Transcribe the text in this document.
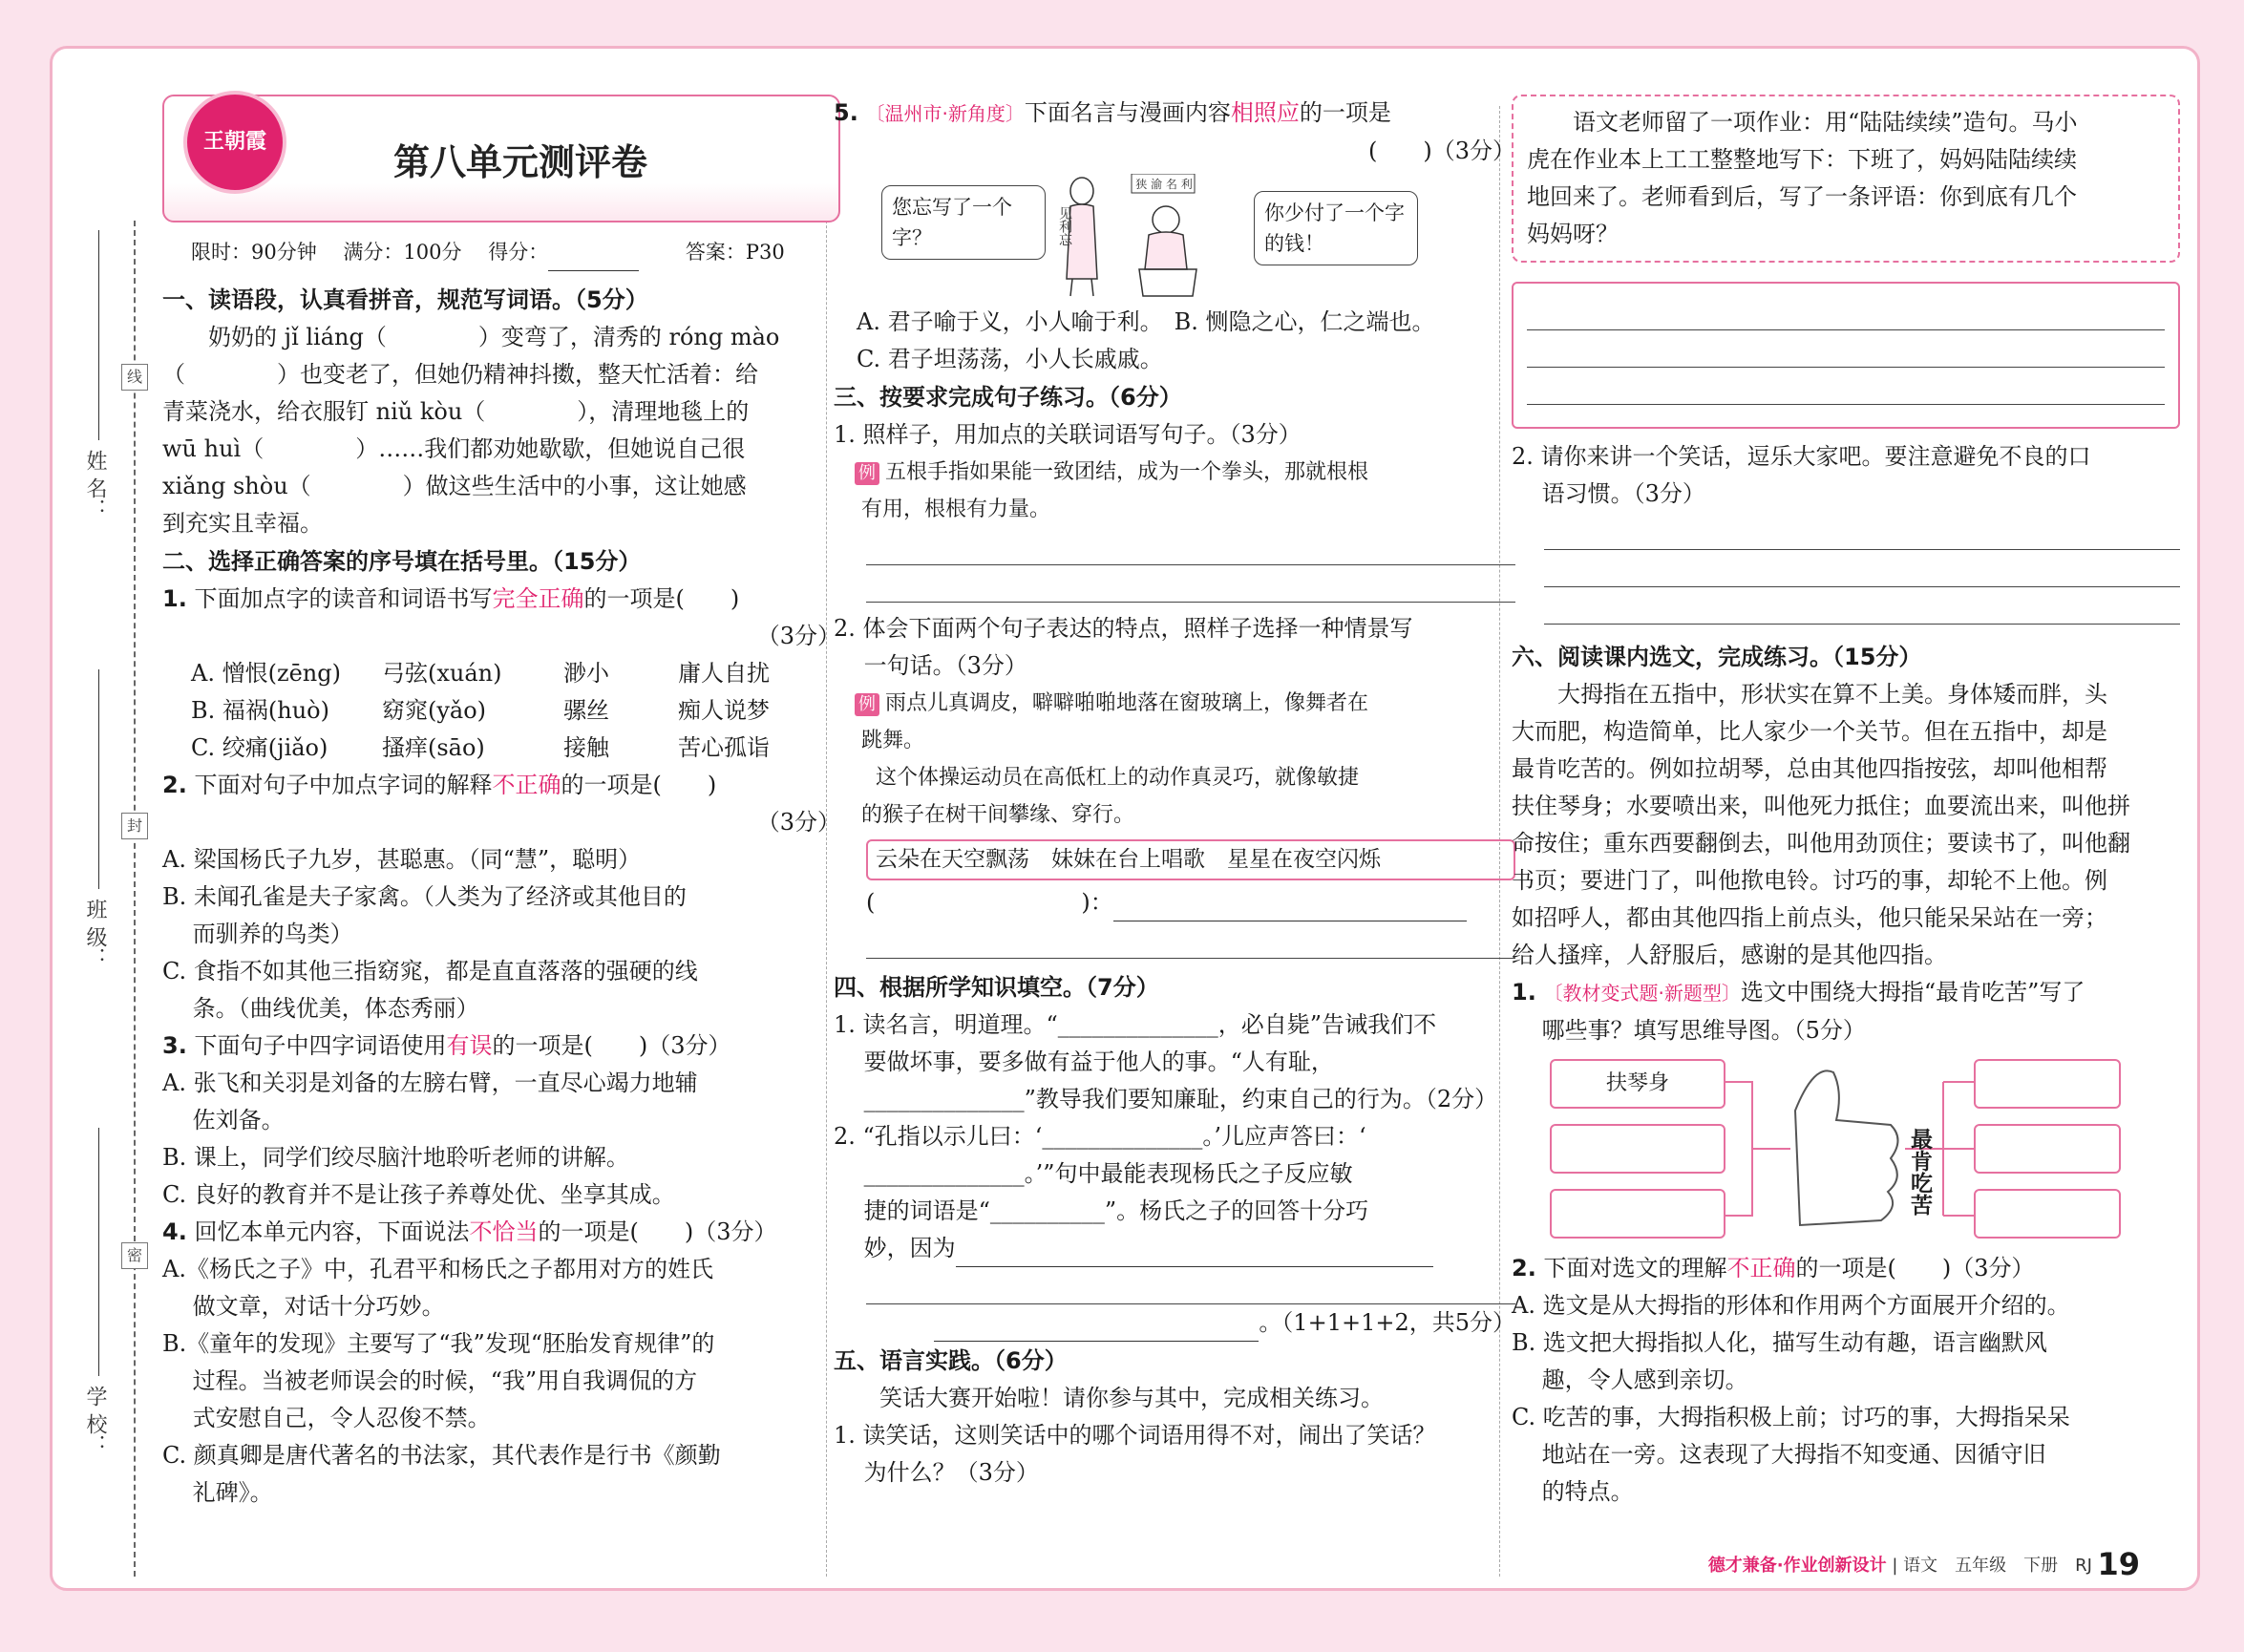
线
封
密
姓 名：
班 级：
学 校：
王朝霞	第八单元测评卷
限时：90分钟　 满分：100分　 得分：　　	答案：P30
一、读语段，认真看拼音，规范写词语。（5分）
　　奶奶的 jǐ liáng（　　　　）变弯了，清秀的 róng mào
（　　　　）也变老了，但她仍精神抖擞，整天忙活着：给
青菜浇水，给衣服钉 niǔ kòu（　　　　），清理地毯上的
wū huì（　　　　）……我们都劝她歇歇，但她说自己很
xiǎng shòu（　　　　）做这些生活中的小事，这让她感
到充实且幸福。
二、选择正确答案的序号填在括号里。（15分）
1. 下面加点字的读音和词语书写完全正确的一项是(　　)
（3分）
A. 憎恨(zēng) 弓弦(xuán)	渺小	庸人自扰
B. 福祸(huò) 窈窕(yǎo)	骡丝	痴人说梦
C. 绞痛(jiǎo) 搔痒(sāo)	接触	苦心孤诣
2. 下面对句子中加点字词的解释不正确的一项是(　　)
（3分）
A. 梁国杨氏子九岁，甚聪惠。（同“慧”，聪明）
B. 未闻孔雀是夫子家禽。（人类为了经济或其他目的
　 而驯养的鸟类）
C. 食指不如其他三指窈窕，都是直直落落的强硬的线
　 条。（曲线优美，体态秀丽）
3. 下面句子中四字词语使用有误的一项是(　　)（3分）
A. 张飞和关羽是刘备的左膀右臂，一直尽心竭力地辅
　 佐刘备。
B. 课上，同学们绞尽脑汁地聆听老师的讲解。
C. 良好的教育并不是让孩子养尊处优、坐享其成。
4. 回忆本单元内容，下面说法不恰当的一项是(　　)（3分）
A.《杨氏之子》中，孔君平和杨氏之子都用对方的姓氏
　 做文章，对话十分巧妙。
B.《童年的发现》主要写了“我”发现“胚胎发育规律”的
　 过程。当被老师误会的时候，“我”用自我调侃的方
　 式安慰自己，令人忍俊不禁。
C. 颜真卿是唐代著名的书法家，其代表作是行书《颜勤
　 礼碑》。
5. 〔温州市·新角度〕下面名言与漫画内容相照应的一项是
(　　)（3分）
您忘写了一个字？	见利忘
狭 渝 名 利
你少付了一个字的钱！
　A. 君子喻于义，小人喻于利。　 B. 恻隐之心，仁之端也。
　C. 君子坦荡荡，小人长戚戚。
三、按要求完成句子练习。（6分）
1. 照样子，用加点的关联词语写句子。（3分）
　例 五根手指如果能一致团结，成为一个拳头，那就根根
　 有用，根根有力量。
2. 体会下面两个句子表达的特点，照样子选择一种情景写
　 一句话。（3分）
　例 雨点儿真调皮，噼噼啪啪地落在窗玻璃上，像舞者在
　 跳舞。
　　这个体操运动员在高低杠上的动作真灵巧，就像敏捷
　 的猴子在树干间攀缘、穿行。
云朵在天空飘荡　 妹妹在台上唱歌　 星星在夜空闪烁
(　　　　　　　　　)：
四、根据所学知识填空。（7分）
1. 读名言，明道理。“______________，必自毙”告诫我们不
　 要做坏事，要多做有益于他人的事。“人有耻，
　 ______________”教导我们要知廉耻，约束自己的行为。（2分）
2. “孔指以示儿曰：‘______________。’儿应声答曰：‘
　 ______________。’”句中最能表现杨氏之子反应敏
　 捷的词语是“__________”。杨氏之子的回答十分巧
　 妙，因为
。（1+1+1+2，共5分）
五、语言实践。（6分）
　　笑话大赛开始啦！请你参与其中，完成相关练习。
1. 读笑话，这则笑话中的哪个词语用得不对，闹出了笑话？
　 为什么？（3分）
　　语文老师留了一项作业：用“陆陆续续”造句。马小
虎在作业本上工工整整地写下：下班了，妈妈陆陆续续
地回来了。老师看到后，写了一条评语：你到底有几个
妈妈呀？
2. 请你来讲一个笑话，逗乐大家吧。要注意避免不良的口
　 语习惯。（3分）
六、阅读课内选文，完成练习。（15分）
　　大拇指在五指中，形状实在算不上美。身体矮而胖，头
大而肥，构造简单，比人家少一个关节。但在五指中，却是
最肯吃苦的。例如拉胡琴，总由其他四指按弦，却叫他相帮
扶住琴身；水要喷出来，叫他死力抵住；血要流出来，叫他拼
命按住；重东西要翻倒去，叫他用劲顶住；要读书了，叫他翻
书页；要进门了，叫他揿电铃。讨巧的事，却轮不上他。例
如招呼人，都由其他四指上前点头，他只能呆呆站在一旁；
给人搔痒，人舒服后，感谢的是其他四指。
1. 〔教材变式题·新题型〕选文中围绕大拇指“最肯吃苦”写了
　 哪些事？填写思维导图。（5分）
扶琴身
最肯吃苦
2. 下面对选文的理解不正确的一项是(　　)（3分）
A. 选文是从大拇指的形体和作用两个方面展开介绍的。
B. 选文把大拇指拟人化，描写生动有趣，语言幽默风
　 趣，令人感到亲切。
C. 吃苦的事，大拇指积极上前；讨巧的事，大拇指呆呆
　 地站在一旁。这表现了大拇指不知变通、因循守旧
　 的特点。
德才兼备·作业创新设计 | 语文　五年级　下册　RJ 19
